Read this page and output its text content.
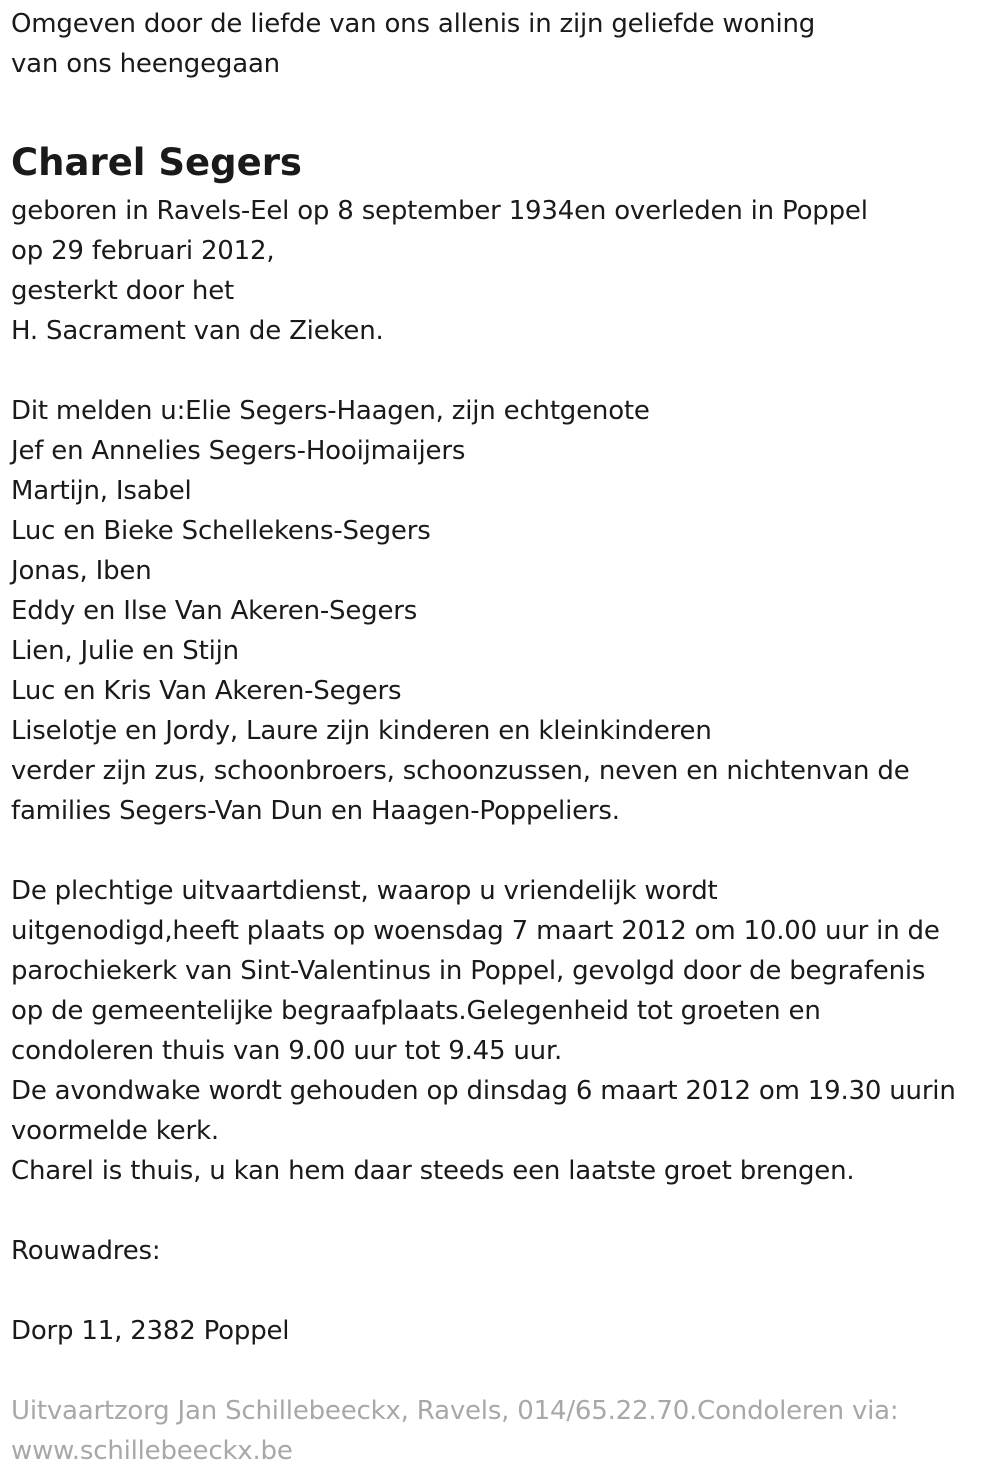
Omgeven door de liefde van ons allenis in zijn geliefde woning
van ons heengegaan
Charel Segers
geboren in Ravels-Eel op 8 september 1934en overleden in Poppel
op 29 februari 2012,
gesterkt door het
H. Sacrament van de Zieken.
Dit melden u:Elie Segers-Haagen, zijn echtgenote
Jef en Annelies Segers-Hooijmaijers
Martijn, Isabel
Luc en Bieke Schellekens-Segers
Jonas, Iben
Eddy en Ilse Van Akeren-Segers
Lien, Julie en Stijn
Luc en Kris Van Akeren-Segers
Liselotje en Jordy, Laure zijn kinderen en kleinkinderen
verder zijn zus, schoonbroers, schoonzussen, neven en nichtenvan de
families Segers-Van Dun en Haagen-Poppeliers.
De plechtige uitvaartdienst, waarop u vriendelijk wordt
uitgenodigd,heeft plaats op woensdag 7 maart 2012 om 10.00 uur in de
parochiekerk van Sint-Valentinus in Poppel, gevolgd door de begrafenis
op de gemeentelijke begraafplaats.Gelegenheid tot groeten en
condoleren thuis van 9.00 uur tot 9.45 uur.
De avondwake wordt gehouden op dinsdag 6 maart 2012 om 19.30 uurin
voormelde kerk.
Charel is thuis, u kan hem daar steeds een laatste groet brengen.
Rouwadres:
Dorp 11, 2382 Poppel
Uitvaartzorg Jan Schillebeeckx, Ravels, 014/65.22.70.Condoleren via:
www.schillebeeckx.be
